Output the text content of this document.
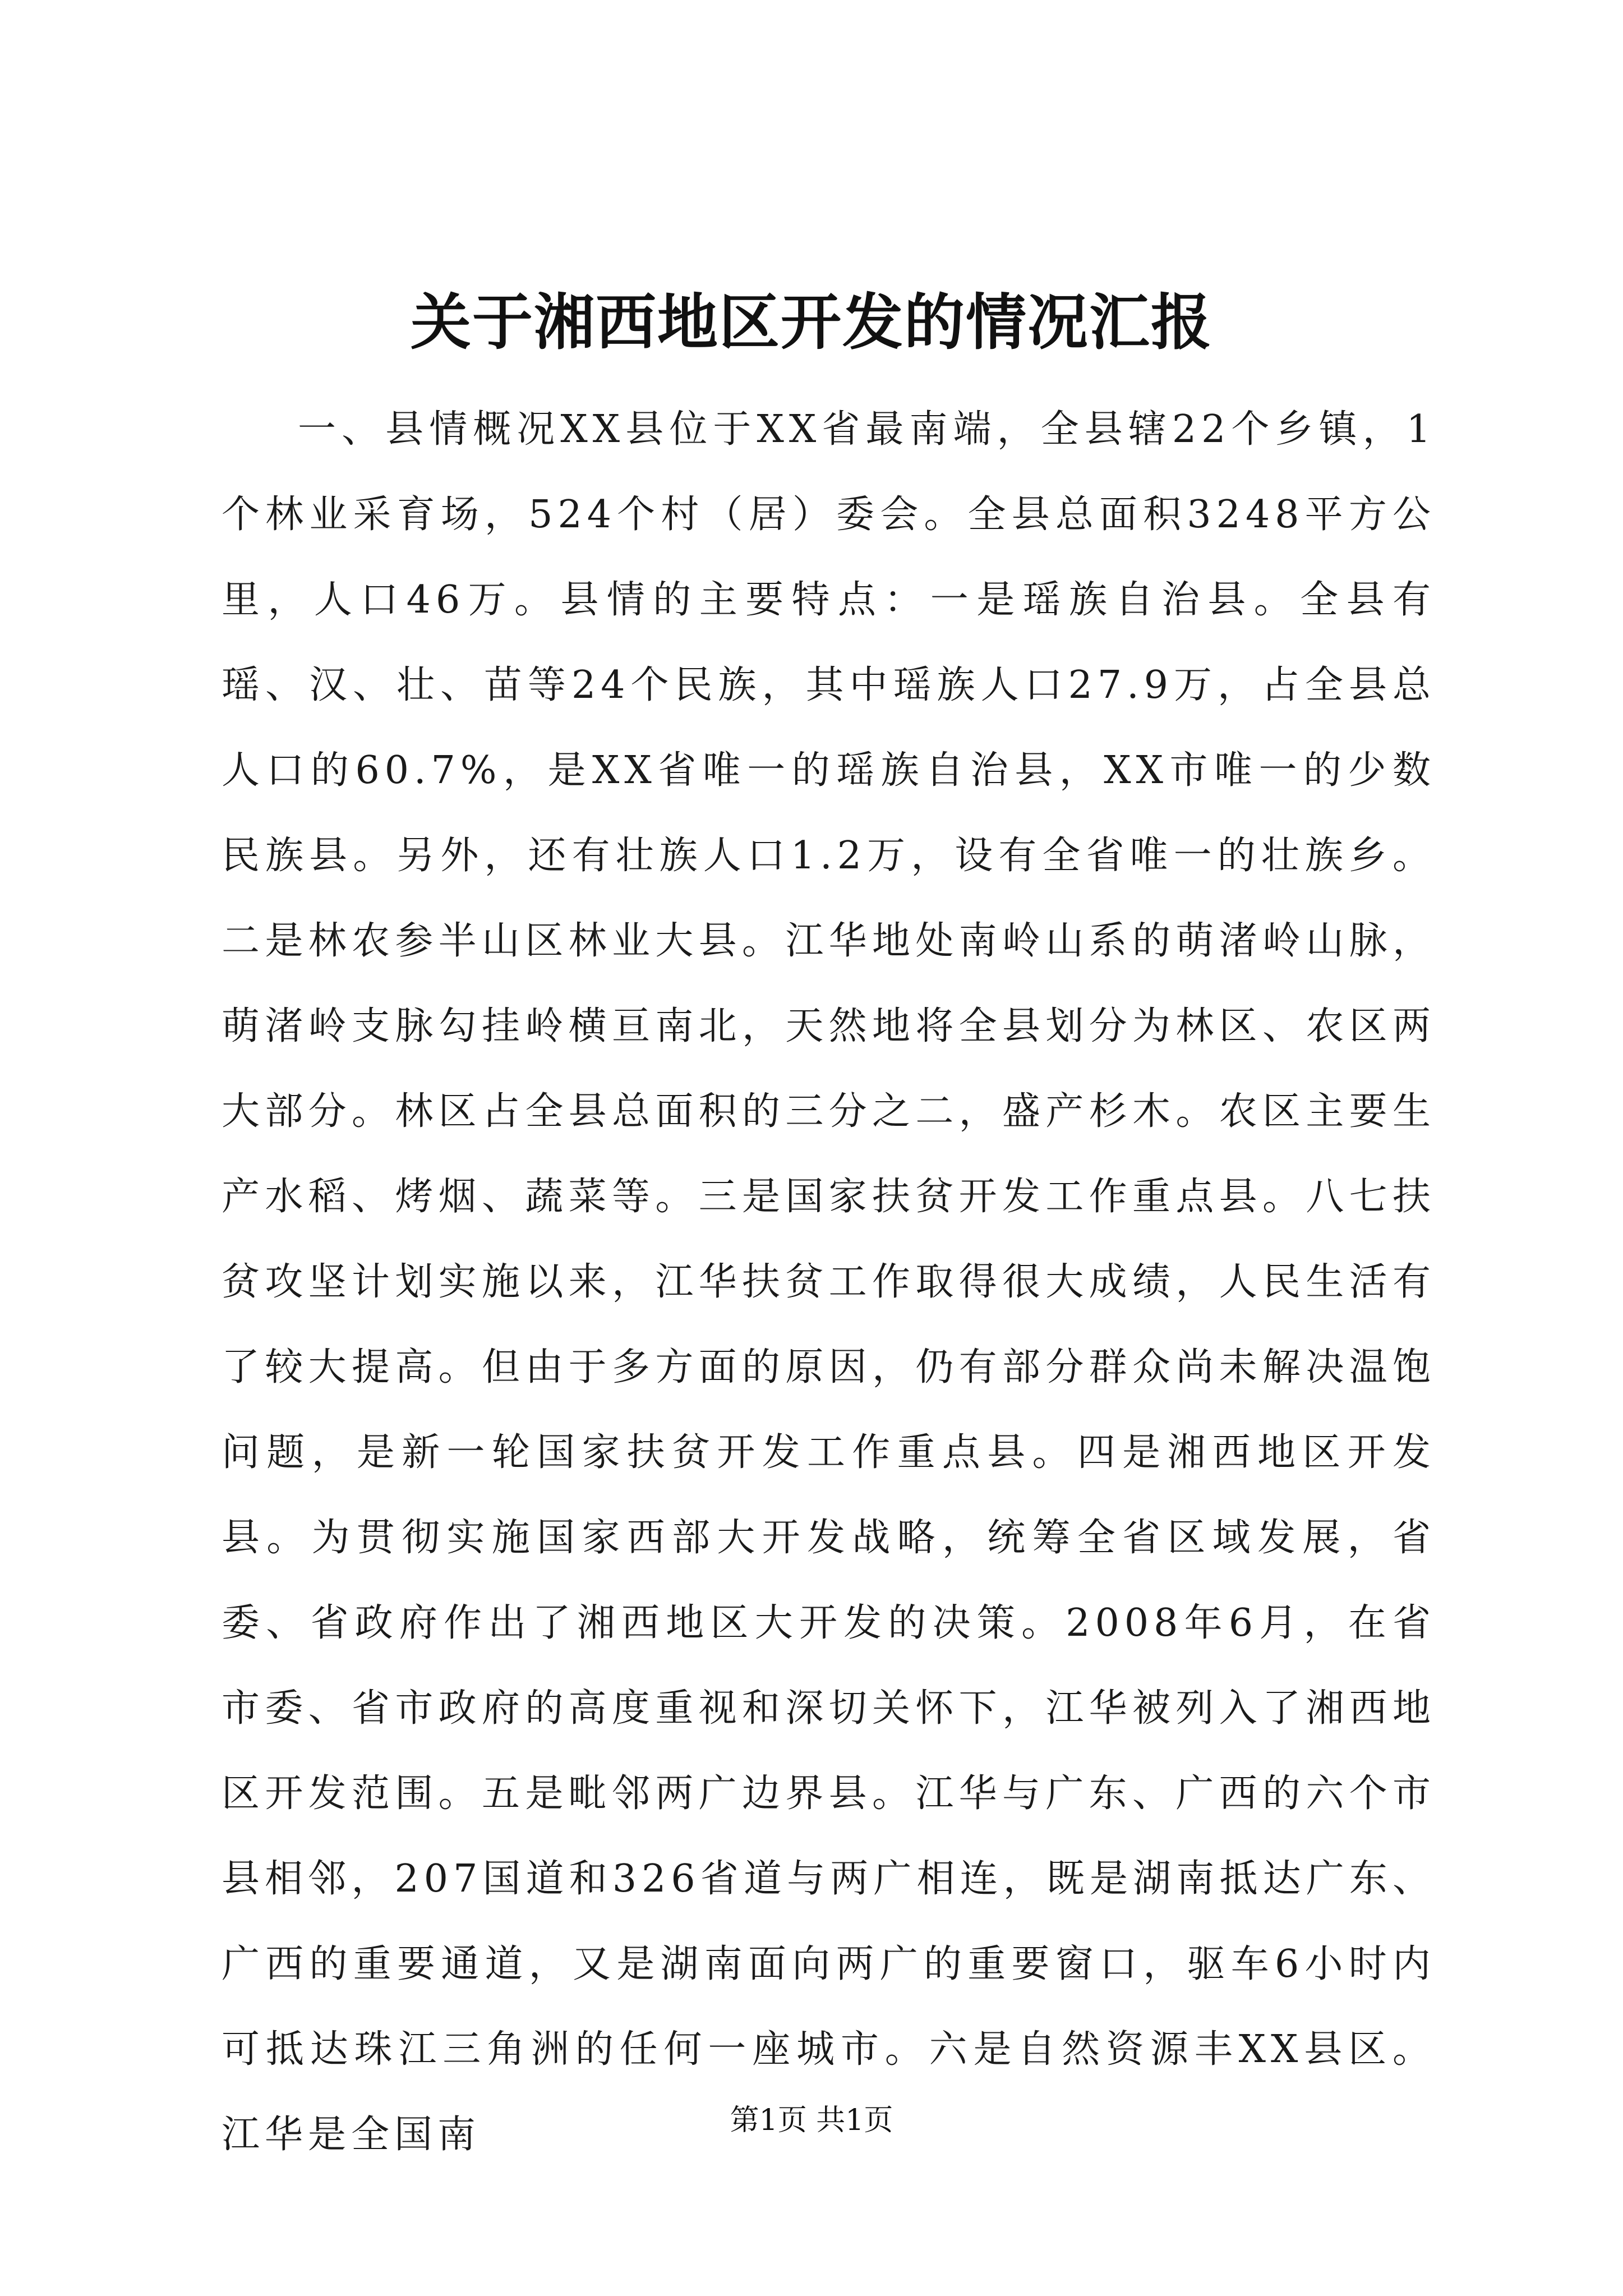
关于湘西地区开发的情况汇报

一、县情概况XX县位于XX省最南端，全县辖22个乡镇，1个林业采育场，524个村（居）委会。全县总面积3248平方公里，人口46万。县情的主要特点：一是瑶族自治县。全县有瑶、汉、壮、苗等24个民族，其中瑶族人口27.9万，占全县总人口的60.7%，是XX省唯一的瑶族自治县，XX市唯一的少数民族县。另外，还有壮族人口1.2万，设有全省唯一的壮族乡。二是林农参半山区林业大县。江华地处南岭山系的萌渚岭山脉，萌渚岭支脉勾挂岭横亘南北，天然地将全县划分为林区、农区两大部分。林区占全县总面积的三分之二，盛产杉木。农区主要生产水稻、烤烟、蔬菜等。三是国家扶贫开发工作重点县。八七扶贫攻坚计划实施以来，江华扶贫工作取得很大成绩，人民生活有了较大提高。但由于多方面的原因，仍有部分群众尚未解决温饱问题，是新一轮国家扶贫开发工作重点县。四是湘西地区开发县。为贯彻实施国家西部大开发战略，统筹全省区域发展，省委、省政府作出了湘西地区大开发的决策。2008年6月，在省市委、省市政府的高度重视和深切关怀下，江华被列入了湘西地区开发范围。五是毗邻两广边界县。江华与广东、广西的六个市县相邻，207国道和326省道与两广相连，既是湖南抵达广东、广西的重要通道，又是湖南面向两广的重要窗口，驱车6小时内可抵达珠江三角洲的任何一座城市。六是自然资源丰XX县区。江华是全国南	第1页 共1页
